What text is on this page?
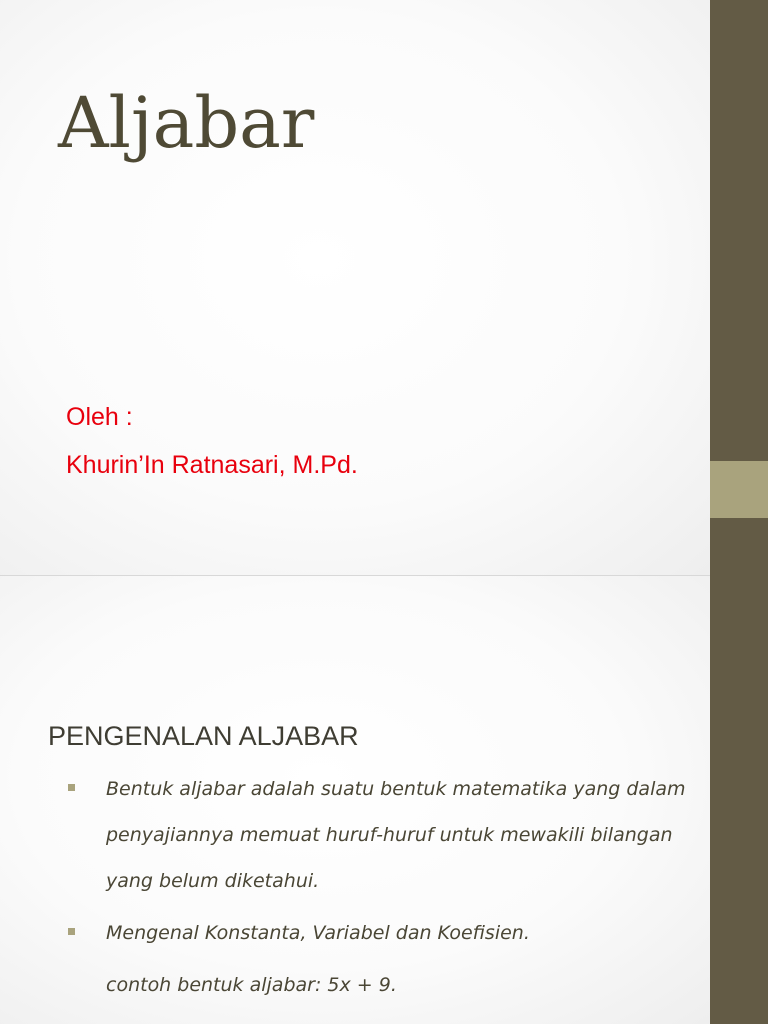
Aljabar
Oleh :
Khurin’In Ratnasari, M.Pd.
PENGENALAN ALJABAR
Bentuk aljabar adalah suatu bentuk matematika yang dalam penyajiannya memuat huruf-huruf untuk mewakili bilangan yang belum diketahui.
Mengenal Konstanta, Variabel dan Koefisien.
contoh bentuk aljabar: 5x + 9.
